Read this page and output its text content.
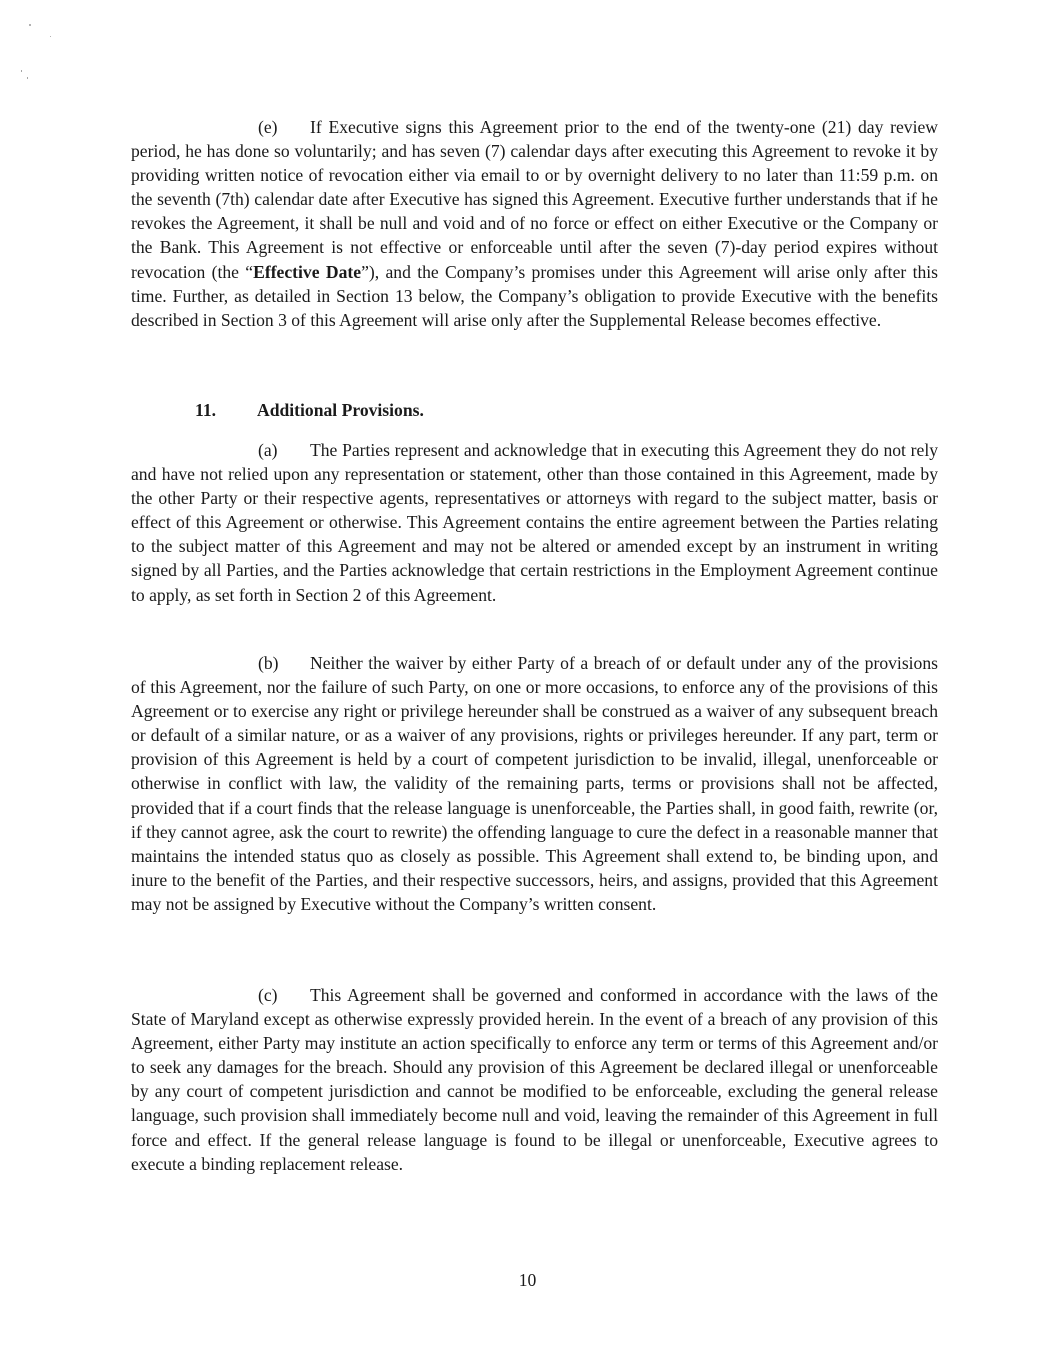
(e) If Executive signs this Agreement prior to the end of the twenty-one (21) day review period, he has done so voluntarily; and has seven (7) calendar days after executing this Agreement to revoke it by providing written notice of revocation either via email to or by overnight delivery to no later than 11:59 p.m. on the seventh (7th) calendar date after Executive has signed this Agreement. Executive further understands that if he revokes the Agreement, it shall be null and void and of no force or effect on either Executive or the Company or the Bank. This Agreement is not effective or enforceable until after the seven (7)-day period expires without revocation (the “Effective Date”), and the Company’s promises under this Agreement will arise only after this time. Further, as detailed in Section 13 below, the Company’s obligation to provide Executive with the benefits described in Section 3 of this Agreement will arise only after the Supplemental Release becomes effective.

11. Additional Provisions.

(a) The Parties represent and acknowledge that in executing this Agreement they do not rely and have not relied upon any representation or statement, other than those contained in this Agreement, made by the other Party or their respective agents, representatives or attorneys with regard to the subject matter, basis or effect of this Agreement or otherwise. This Agreement contains the entire agreement between the Parties relating to the subject matter of this Agreement and may not be altered or amended except by an instrument in writing signed by all Parties, and the Parties acknowledge that certain restrictions in the Employment Agreement continue to apply, as set forth in Section 2 of this Agreement.

(b) Neither the waiver by either Party of a breach of or default under any of the provisions of this Agreement, nor the failure of such Party, on one or more occasions, to enforce any of the provisions of this Agreement or to exercise any right or privilege hereunder shall be construed as a waiver of any subsequent breach or default of a similar nature, or as a waiver of any provisions, rights or privileges hereunder. If any part, term or provision of this Agreement is held by a court of competent jurisdiction to be invalid, illegal, unenforceable or otherwise in conflict with law, the validity of the remaining parts, terms or provisions shall not be affected, provided that if a court finds that the release language is unenforceable, the Parties shall, in good faith, rewrite (or, if they cannot agree, ask the court to rewrite) the offending language to cure the defect in a reasonable manner that maintains the intended status quo as closely as possible. This Agreement shall extend to, be binding upon, and inure to the benefit of the Parties, and their respective successors, heirs, and assigns, provided that this Agreement may not be assigned by Executive without the Company’s written consent.

(c) This Agreement shall be governed and conformed in accordance with the laws of the State of Maryland except as otherwise expressly provided herein. In the event of a breach of any provision of this Agreement, either Party may institute an action specifically to enforce any term or terms of this Agreement and/or to seek any damages for the breach. Should any provision of this Agreement be declared illegal or unenforceable by any court of competent jurisdiction and cannot be modified to be enforceable, excluding the general release language, such provision shall immediately become null and void, leaving the remainder of this Agreement in full force and effect. If the general release language is found to be illegal or unenforceable, Executive agrees to execute a binding replacement release.

10
